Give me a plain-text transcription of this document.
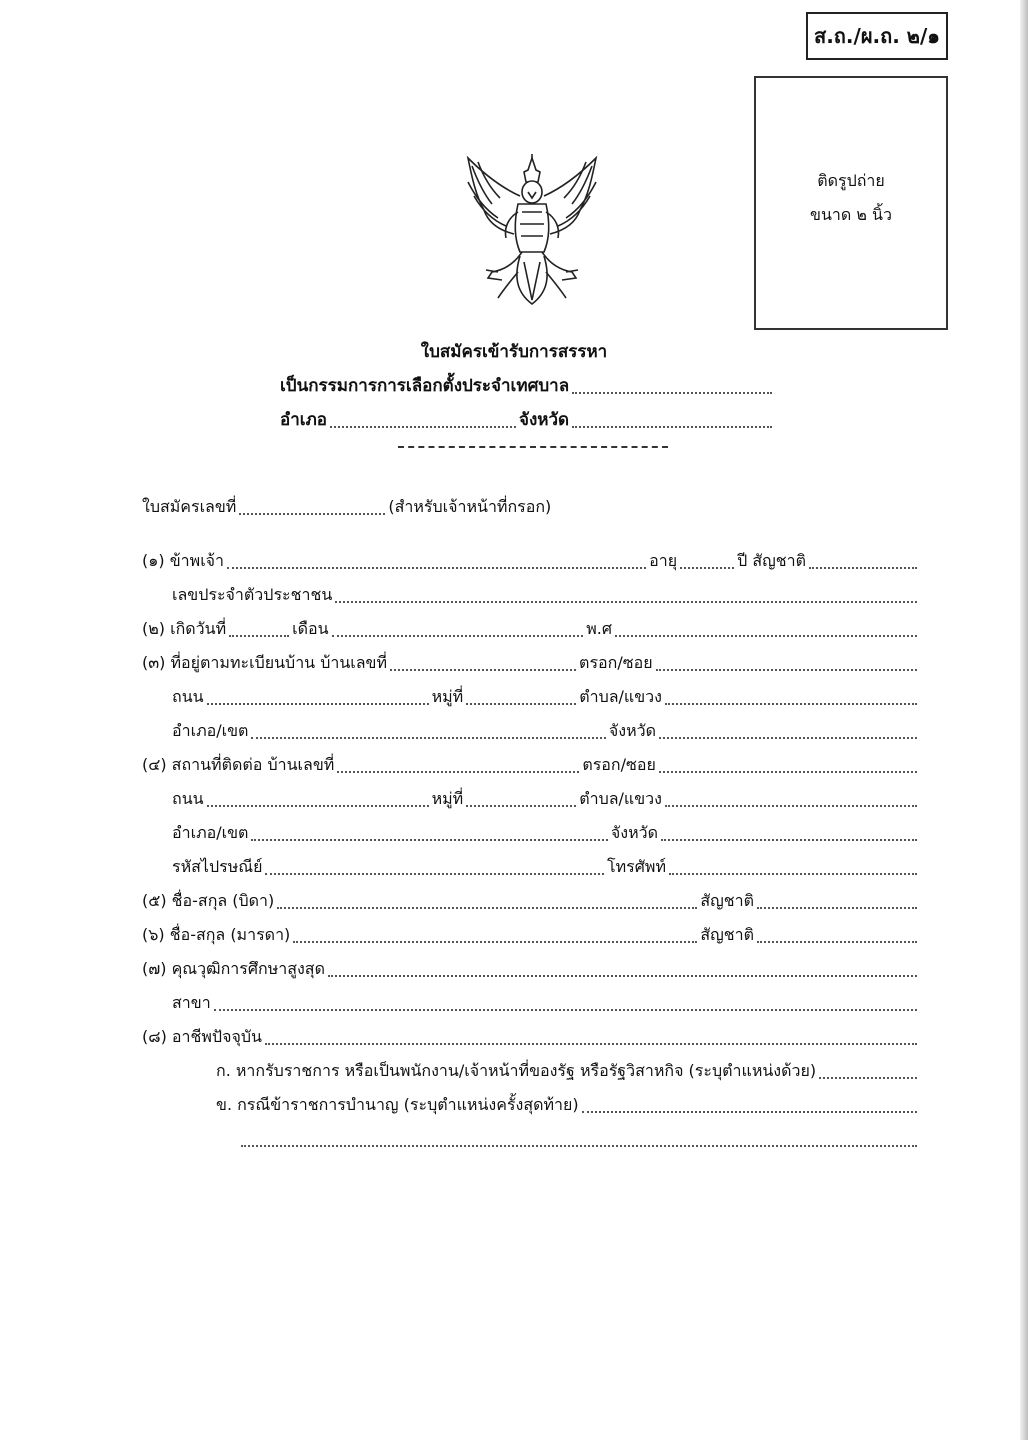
ส.ถ./ผ.ถ. ๒/๑
ติดรูปถ่าย
ขนาด ๒ นิ้ว
ใบสมัครเข้ารับการสรรหา
เป็นกรรมการการเลือกตั้งประจำเทศบาล
อำเภอ	จังหวัด
ใบสมัครเลขที่	(สำหรับเจ้าหน้าที่กรอก)
(๑) ข้าพเจ้า	อายุ	ปี สัญชาติ
เลขประจำตัวประชาชน
(๒) เกิดวันที่	เดือน	พ.ศ
(๓) ที่อยู่ตามทะเบียนบ้าน บ้านเลขที่	ตรอก/ซอย
ถนน	หมู่ที่	ตำบล/แขวง
อำเภอ/เขต	จังหวัด
(๔) สถานที่ติดต่อ บ้านเลขที่	ตรอก/ซอย
ถนน	หมู่ที่	ตำบล/แขวง
อำเภอ/เขต	จังหวัด
รหัสไปรษณีย์	โทรศัพท์
(๕) ชื่อ-สกุล (บิดา)	สัญชาติ
(๖) ชื่อ-สกุล (มารดา)	สัญชาติ
(๗) คุณวุฒิการศึกษาสูงสุด
สาขา
(๘) อาชีพปัจจุบัน
ก. หากรับราชการ หรือเป็นพนักงาน/เจ้าหน้าที่ของรัฐ หรือรัฐวิสาหกิจ (ระบุตำแหน่งด้วย)
ข. กรณีข้าราชการบำนาญ (ระบุตำแหน่งครั้งสุดท้าย)
